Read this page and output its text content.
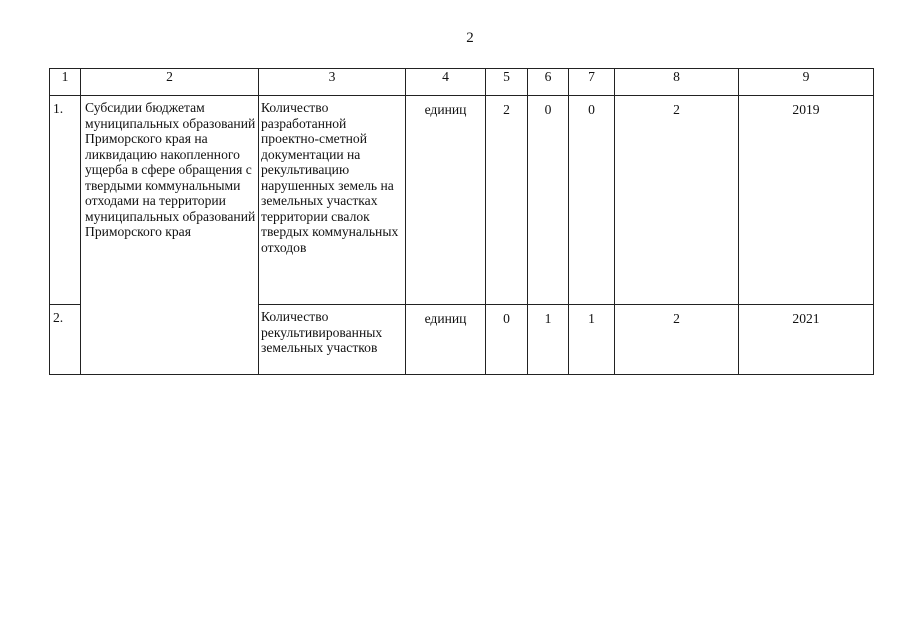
2
1	2	3	4	5	6	7	8	9
1.	Субсидии бюджетам муниципальных образований Приморского края на ликвидацию накопленного ущерба в сфере обращения с твердыми коммунальными отходами на территории муниципальных образований Приморского края	Количество разработанной проектно-сметной документации на рекультивацию нарушенных земель на земельных участках территории свалок твердых коммунальных отходов	единиц	2	0	0	2	2019
2.		Количество рекультивированных земельных участков	единиц	0	1	1	2	2021
